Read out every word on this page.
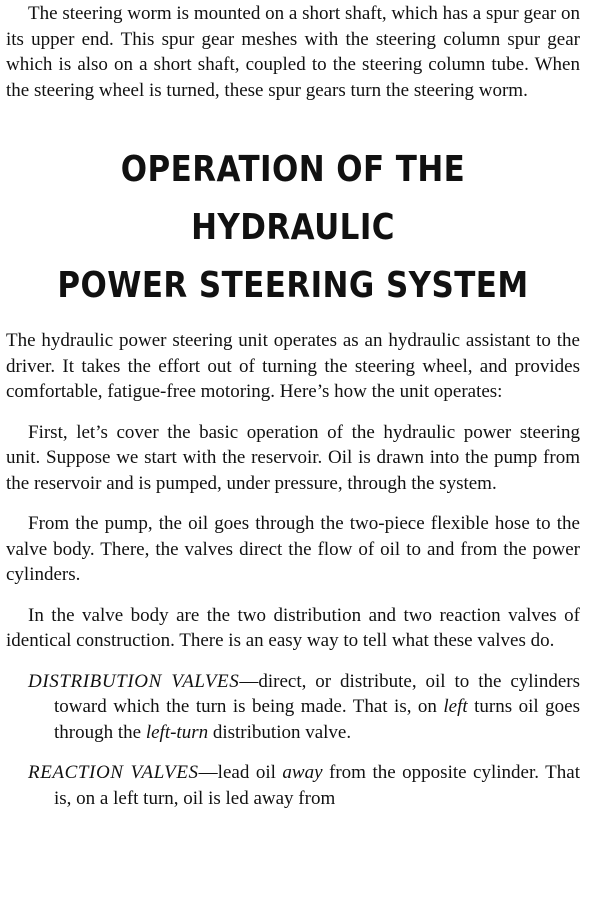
The steering worm is mounted on a short shaft, which has a spur gear on its upper end. This spur gear meshes with the steering column spur gear which is also on a short shaft, coupled to the steering column tube. When the steering wheel is turned, these spur gears turn the steering worm.

OPERATION OF THE HYDRAULIC
POWER STEERING SYSTEM

The hydraulic power steering unit operates as an hydraulic assistant to the driver. It takes the effort out of turning the steering wheel, and provides comfortable, fatigue-free motoring. Here’s how the unit operates:

First, let’s cover the basic operation of the hydraulic power steering unit. Suppose we start with the reservoir. Oil is drawn into the pump from the reservoir and is pumped, under pressure, through the system.

From the pump, the oil goes through the two-piece flexible hose to the valve body. There, the valves direct the flow of oil to and from the power cylinders.

In the valve body are the two distribution and two reaction valves of identical construction. There is an easy way to tell what these valves do.

DISTRIBUTION VALVES—direct, or distribute, oil to the cylinders toward which the turn is being made. That is, on left turns oil goes through the left-turn distribution valve.

REACTION VALVES—lead oil away from the opposite cylinder. That is, on a left turn, oil is led away from
